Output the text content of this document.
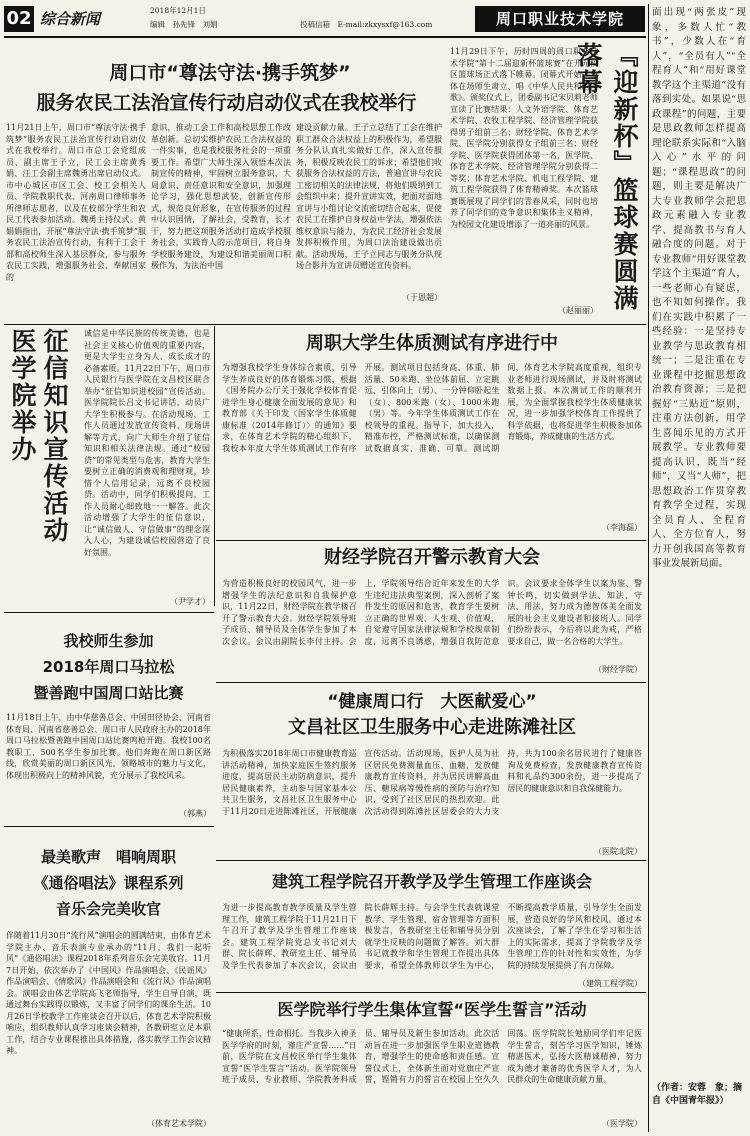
02 综合新闻	2018年12月1日
编辑　孙先锋　刘娟	投稿信箱　E-mail:zkxysxf@163.com	周口职业技术学院
周口市“尊法守法·携手筑梦”
服务农民工法治宣传行动启动仪式在我校举行
11月21日上午，周口市“尊法守法·携手筑梦”服务农民工法治宣传行动启动仪式在我校举行。周口市总工会党组成员、副主席王子立，民工会主席黄秀娟、汪工会副主席魏勇出席启动仪式。市中心城区市区工会、校工会相关人员、学院教职代表、河南周口律师事务所律师志愿者，以及在校部分学生和农民工代表参加活动。魏勇主持仪式。黄娟娟指出，开展“尊法守法·携手筑梦”服务农民工法治宣传行动，有利于工会干部和高校师生深入基层群众，参与服务农民工实践，增强服务社会、奉献国家的
意识，推动工会工作和高校思想工作改革创新。总切实维护农民工合法权益的一件实事，也是我校服务社会的一项重要工作。希望广大师生深入领悟本次法制宣传的精神，牢固树立服务意识、大局意识、责任意识和安全意识，加强理论学习，强化思想武装，创新宣传形式，规范良好形象，在宣传服务的过程中认识国情，了解社会，受教育，长才干，努力把这项服务活动打造成学校服务社会，实践育人的示范项目，将自身学校服务建设，为建设和谐美丽周口积极作为，为法治中国
建设贡献力量。王子立总结了工会在维护职工群众合法权益上的积极作为，希望服务分队认真扎实做好工作，深入宣传服务，积极反映农民工的诉求；希望他们收获服务合法权益的方法，普遍宣讲与农民工密切相关的法律法规，将他们吸纳到工会组织中来；提升宣讲实效，把面对面地宣讲与小组讨论交流密切结合起来，促使农民工在维护自身权益中学法，增强依法维权意识与能力，为农民工经济社会发展发挥积极作用，为周口法治建设做出贡献。活动现场，王子立同志与服务分队现场合影并为宣讲员赠送宣传资料。
（于恩超）	『迎新杯』篮球赛圆满落幕
11月29日下午，历时四周的周口职业技术学院“第十二届迎新杯篮球赛”在开元校区篮球场正式落下帷幕。闭幕式开始，全体在场师生肃立、唱《中华人民共和国国歌》。颁奖仪式上，团委副书记宋贝莉老师宣读了比赛结果：人文外语学院、体育艺术学院、农牧工程学院、经济管理学院获得男子组前三名；财经学院、体育艺术学院、医学院分别获得女子组前三名；财经学院、医学院获得团体第一名，医学院、体育艺术学院、经济管理学院分别获得二等奖；体育艺术学院、机电工程学院、建筑工程学院获得了体育精神奖。本次篮球赛既展现了同学们的青春风采，同时也培养了同学们的竞争意识和集体主义精神，为校园文化建设增添了一道亮丽的风景。
（赵丽丽）
征信知识宣传活动
医学院举办	诚信是中华民族的传统美德，也是社会主义核心价值观的重要内容，更是大学生立身为人、成长成才的必备素质。11月22日下午，周口市人民银行与医学院在文昌校区联合举办“征信知识进校园”宣传活动。医学院院长吕文书记讲话，动员广大学生积极参与。在活动现场，工作人员通过发放宣传资料、现场讲解等方式，向广大师生介绍了征信知识和相关法律法规。通过“校园贷”的常见类型与危害，教育大学生要树立正确的消费观和理财观，珍惜个人信用记录，远离不良校园贷。活动中，同学们积极提问，工作人员耐心细致地一一解答。此次活动增强了大学生的征信意识，让“诚信做人、守信做事”的理念深入人心，为建设诚信校园营造了良好氛围。
（尹学才）
周职大学生体质测试有序进行中
为增强我校学生身体综合素质，引导学生养成良好的体育锻炼习惯，根据《国务院办公厅关于强化学校体育促进学生身心健康全面发展的意见》和教育部《关于印发〈国家学生体质健康标准（2014年修订）〉的通知》要求，在体育艺术学院的精心组织下，我校本年度大学生体质测试工作有序开展。测试项目包括身高、体重、肺活量、50米跑、坐位体前屈、立定跳远、引体向上（男）、一分钟仰卧起坐（女）、800米跑（女）、1000米跑（男）等。今年学生体质测试工作在校领导的重视、指导下，加大投入，精准布控，严格测试标准，以确保测试数据真实、准确、可靠。测试期间，体育艺术学院高度重视，组织专业老师进行现场测试，并及时将测试数据上报。本次测试工作的顺利开展，为全面掌握我校学生体质健康状况，进一步加强学校体育工作提供了科学依据，也将促进学生积极参加体育锻炼，养成健康的生活方式。
（李海磊）
财经学院召开警示教育大会
为营造积极良好的校园风气，进一步增强学生的法纪意识和自我保护意识，11月22日，财经学院在教学楼召开了警示教育大会。财经学院领导班子成员、辅导员及全体学生参加了本次会议。会议由副院长李付主持。会上，学院领导结合近年来发生的大学生违纪违法典型案例，深入剖析了案件发生的原因和危害，教育学生要树立正确的世界观、人生观、价值观，自觉遵守国家法律法规和学校规章制度，远离不良诱惑，增强自我防范意识。会议要求全体学生以案为鉴、警钟长鸣，切实做到学法、知法、守法、用法，努力成为德智体美全面发展的社会主义建设者和接班人。同学们纷纷表示，今后将以此为戒，严格要求自己，做一名合格的大学生。
（财经学院）
我校师生参加
2018年周口马拉松
暨善跑中国周口站比赛
11月18日上午，由中华慈善总会、中国田径协会、河南省体育局、河南省慈善总会、周口市人民政府主办的2018年周口马拉松暨善跑中国周口站比赛鸣枪开跑。我校100名教职工、500名学生参加比赛。他们奔跑在周口新区路线，欣赏美丽的周口新区风光，领略城市的魅力与文化，体现出积极向上的精神风貌，充分展示了我校风采。
（郭燕）
“健康周口行　大医献爱心”
文昌社区卫生服务中心走进陈滩社区
为积极落实2018年周口市健康教育巡讲活动精神，加快家庭医生签约服务进度，提高居民主动防病意识，提升居民健康素养，主动参与国家基本公共卫生服务，文昌社区卫生服务中心于11月20日走进陈滩社区，开展健康宣传活动。活动现场，医护人员为社区居民免费测量血压、血糖，发放健康教育宣传资料，并为居民讲解高血压、糖尿病等慢性病的预防与治疗知识，受到了社区居民的热烈欢迎。此次活动得到陈滩社区居委会的大力支持，共为100余名居民进行了健康咨询及免费检查，发放健康教育宣传资料和礼品约300余份，进一步提高了居民的健康意识和自我保健能力。
（医院北院）
最美歌声　唱响周职
《通俗唱法》课程系列
音乐会完美收官
伴随着11月30日“流行风”演唱会的圆满结束，由体育艺术学院主办、音乐表演专业承办的“11月，我们一起听风”《通俗唱法》课程2018年系列音乐会完美收官。11月7日开始，依次举办了《中国风》作品演唱会、《民谣风》作品演唱会、《情歌风》作品演唱会和《流行风》作品演唱会。演唱会由体艺学院高飞老师指导，学生自导自演，既通过舞台实践得以锻炼，又丰富了同学们的课余生活。10月26日学校教学工作座谈会召开以后，体育艺术学院积极响应，组织教师认真学习座谈会精神，各教研室立足本职工作，结合专业课程推出具体措施，落实教学工作会议精神。
（体育艺术学院）
建筑工程学院召开教学及学生管理工作座谈会
为进一步提高教育教学质量及学生管理工作，建筑工程学院于11月21日下午召开了教学及学生管理工作座谈会。建筑工程学院党总支书记刘大群、院长薛辉、教研室主任、辅导员及学生代表参加了本次会议，会议由院长薛辉主持。与会学生代表就课堂教学、学生管理、宿舍管理等方面积极发言，各教研室主任和辅导员分别就学生反映的问题做了解答。刘大群书记就教学和学生管理工作提出具体要求，希望全体教师以学生为中心，不断提高教学质量，引导学生全面发展，营造良好的学风和校风。通过本次座谈会，了解了学生在学习和生活上的实际需求，提高了学院教学及学生管理工作的针对性和实效性，为学院的持续发展提供了有力保障。
（建筑工程学院）
医学院举行学生集体宣誓“医学生誓言”活动
“健康所系，性命相托。当我步入神圣医学学府的时刻，谨庄严宣誓……”日前，医学院在文昌校区举行学生集体宣誓“医学生誓言”活动。医学院领导班子成员、专业教师、学院教务科成员、辅导员及新生参加活动。此次活动旨在进一步加强医学生职业道德教育，增强学生的使命感和责任感。宣誓仪式上，全体新生面对党旗庄严宣誓，铿锵有力的誓言在校园上空久久回荡。医学院院长勉励同学们牢记医学生誓言，刻苦学习医学知识，锤炼精湛医术，弘扬大医精诚精神，努力成为德才兼备的优秀医学人才，为人民群众的生命健康贡献力量。
（医学院）
面出现“两张皮”现象，多数人忙“教书”，少数人在“育人”，“全员有人”“全程育人”和“用好课堂教学这个主渠道”没有落到实处。如果说“思政课程”的问题，主要是思政教师怎样提高理论联系实际和“入脑入心”水平的问题；“课程思政”的问题，则主要是解决广大专业教师学会把思政元素融入专业教学、提高教书与育人融合度的问题。对于专业教师“用好课堂教学这个主渠道”育人，一些老师心有疑虑，也不知如何操作。我们在实践中积累了一些经验：一是坚持专业教学与思政教育相统一；二是注重在专业课程中挖掘思想政治教育资源；三是把握好“三贴近”原则，注重方法创新，用学生喜闻乐见的方式开展教学。专业教师要提高认识，既当“经师”，又当“人师”，把思想政治工作贯穿教育教学全过程，实现全员育人、全程育人、全方位育人，努力开创我国高等教育事业发展新局面。
（作者：安蓉　象；摘自《中国青年报》）
